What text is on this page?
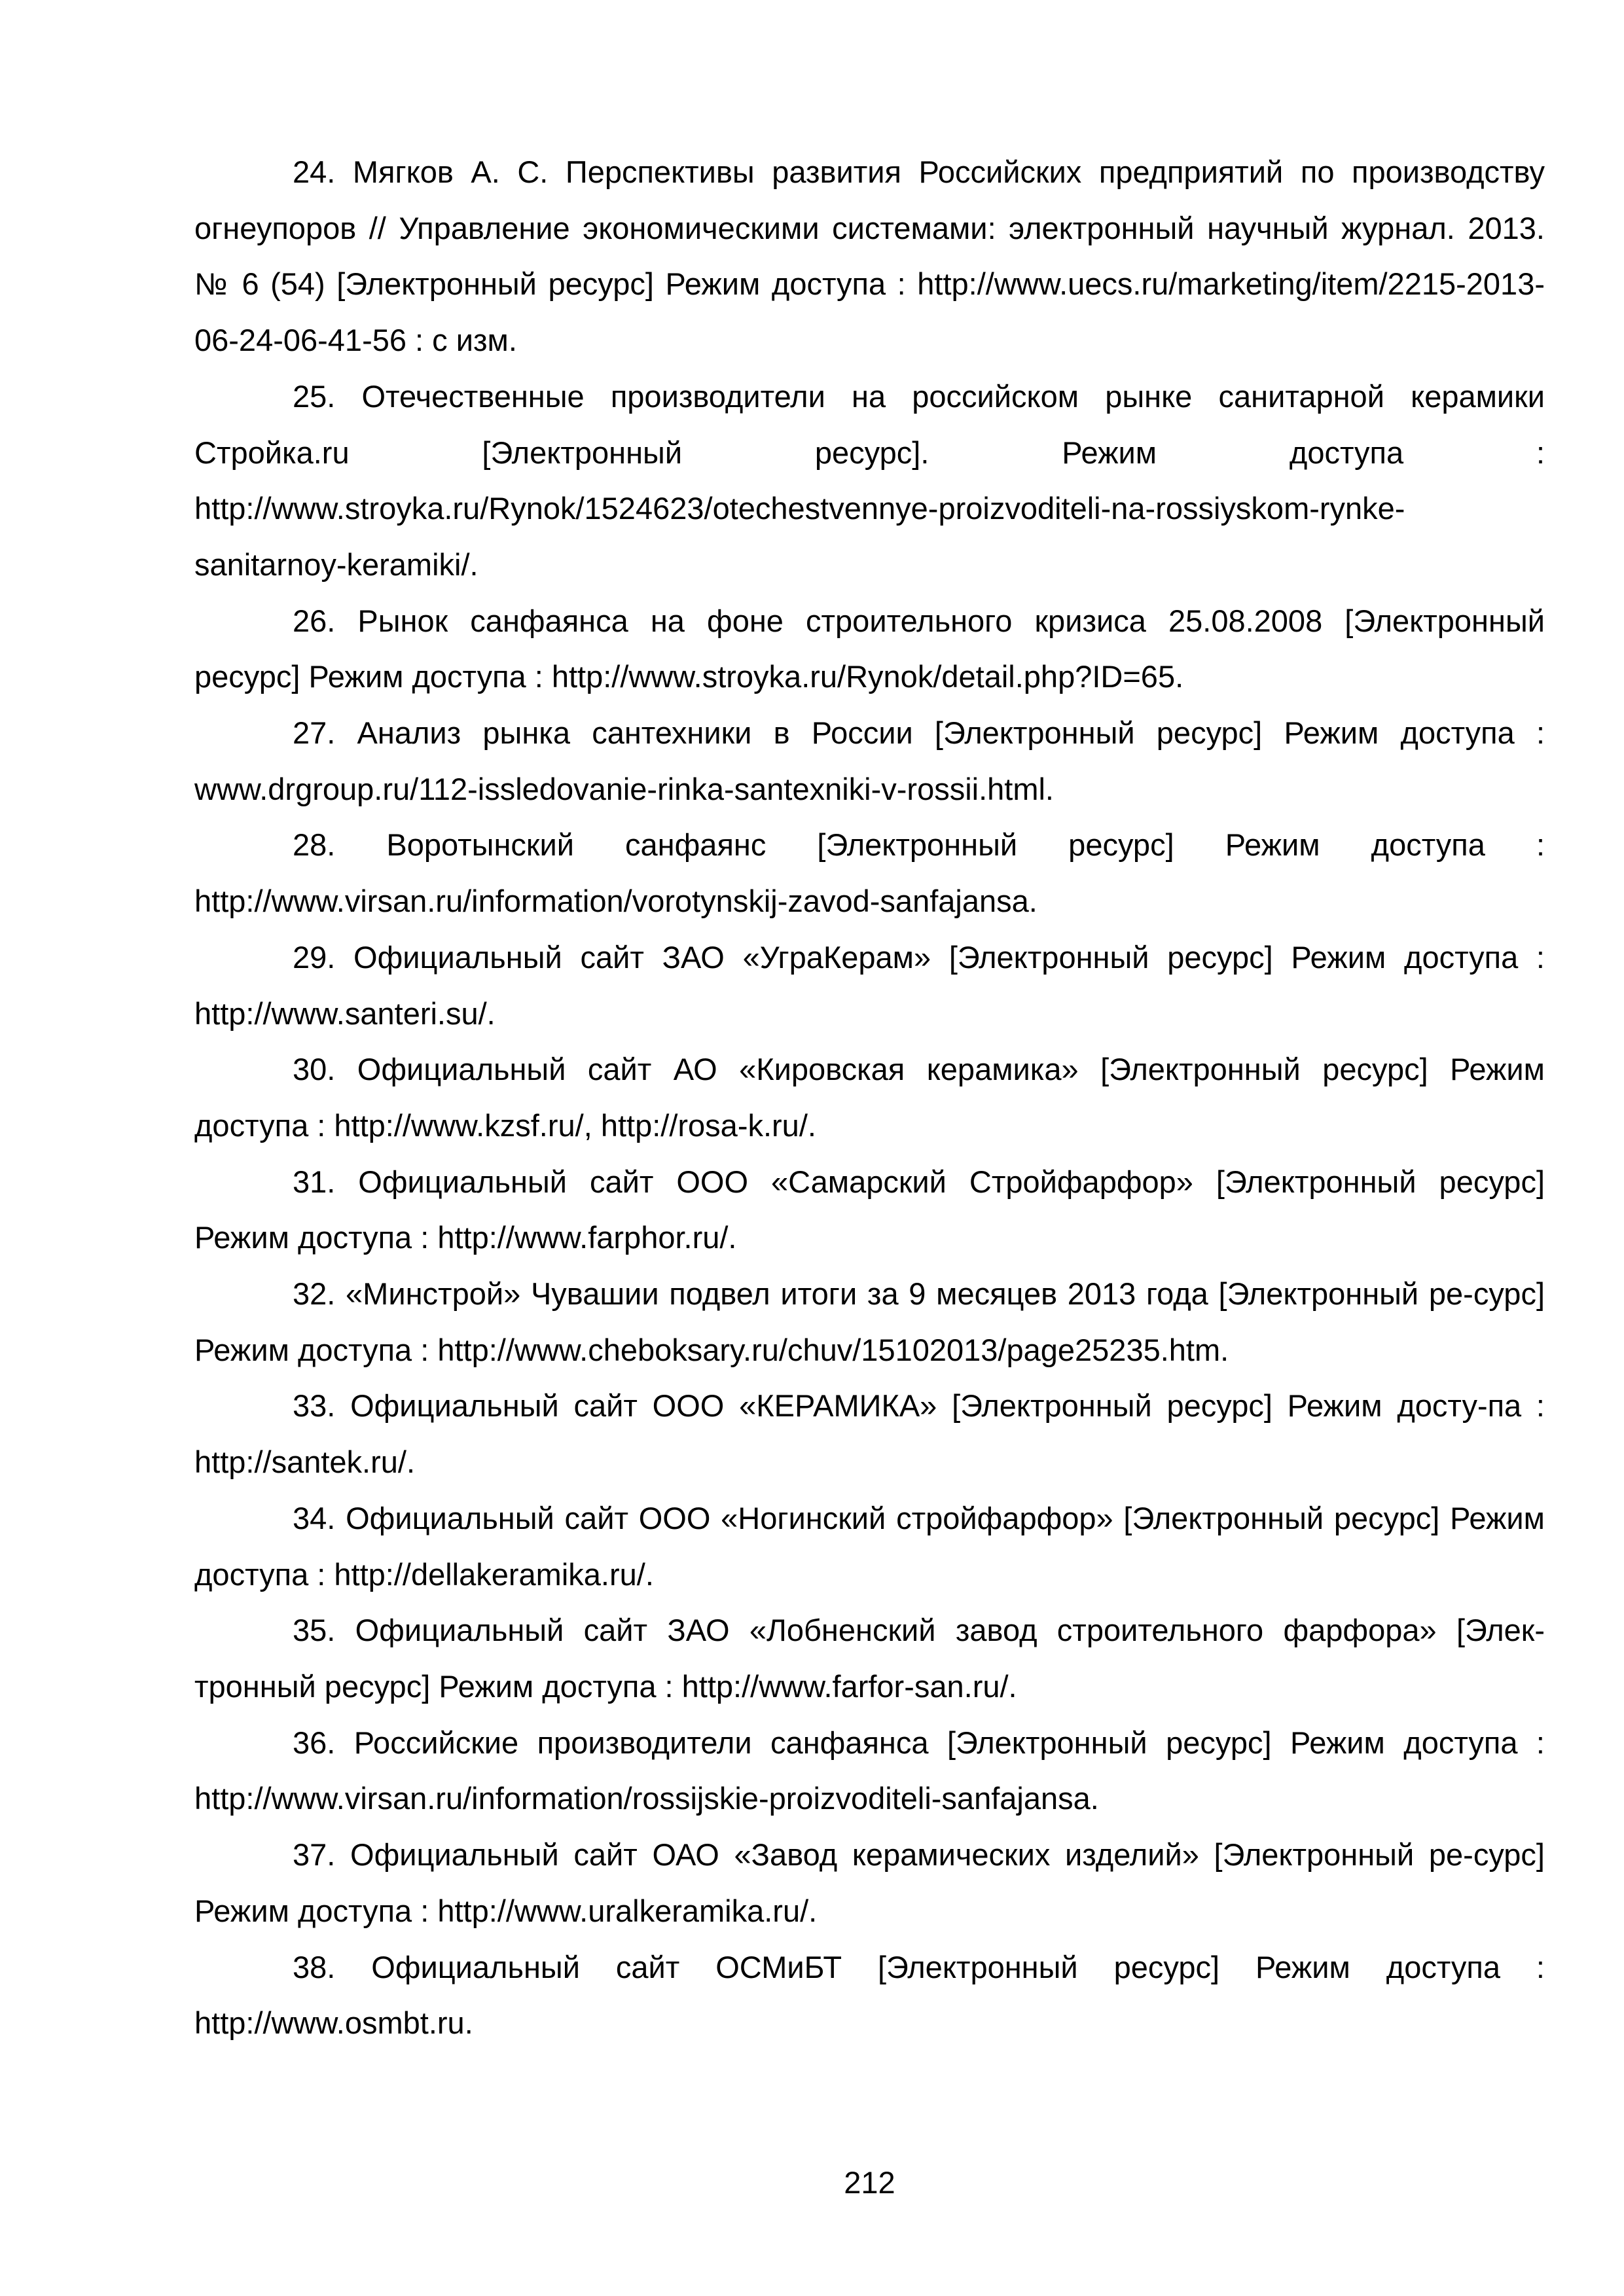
24. Мягков А. С. Перспективы развития Российских предприятий по производству огнеупоров // Управление экономическими системами: электронный научный журнал. 2013. № 6 (54) [Электронный ресурс] Режим доступа : http://www.uecs.ru/marketing/item/2215-2013-06-24-06-41-56 : с изм.
25. Отечественные производители на российском рынке санитарной керамики Стройка.ru [Электронный ресурс]. Режим доступа : http://www.stroyka.ru/Rynok/1524623/otechestvennye-proizvoditeli-na-rossiyskom-rynke-sanitarnoy-keramiki/.
26. Рынок санфаянса на фоне строительного кризиса 25.08.2008 [Электронный ресурс] Режим доступа : http://www.stroyka.ru/Rynok/detail.php?ID=65.
27. Анализ рынка сантехники в России [Электронный ресурс] Режим доступа : www.drgroup.ru/112-issledovanie-rinka-santexniki-v-rossii.html.
28. Воротынский санфаянс [Электронный ресурс] Режим доступа : http://www.virsan.ru/information/vorotynskij-zavod-sanfajansa.
29. Официальный сайт ЗАО «УграКерам» [Электронный ресурс] Режим доступа : http://www.santeri.su/.
30. Официальный сайт АО «Кировская керамика» [Электронный ресурс] Режим доступа : http://www.kzsf.ru/, http://rosa-k.ru/.
31. Официальный сайт ООО «Самарский Стройфарфор» [Электронный ресурс] Режим доступа : http://www.farphor.ru/.
32. «Минстрой» Чувашии подвел итоги за 9 месяцев 2013 года [Электронный ре-сурс] Режим доступа : http://www.cheboksary.ru/chuv/15102013/page25235.htm.
33. Официальный сайт ООО «КЕРАМИКА» [Электронный ресурс] Режим досту-па : http://santek.ru/.
34. Официальный сайт ООО «Ногинский стройфарфор» [Электронный ресурс] Режим доступа : http://dellakeramika.ru/.
35. Официальный сайт ЗАО «Лобненский завод строительного фарфора» [Элек-тронный ресурс] Режим доступа : http://www.farfor-san.ru/.
36. Российские производители санфаянса [Электронный ресурс] Режим доступа : http://www.virsan.ru/information/rossijskie-proizvoditeli-sanfajansa.
37. Официальный сайт ОАО «Завод керамических изделий» [Электронный ре-сурс] Режим доступа : http://www.uralkeramika.ru/.
38. Официальный сайт ОСМиБТ [Электронный ресурс] Режим доступа : http://www.osmbt.ru.
212
